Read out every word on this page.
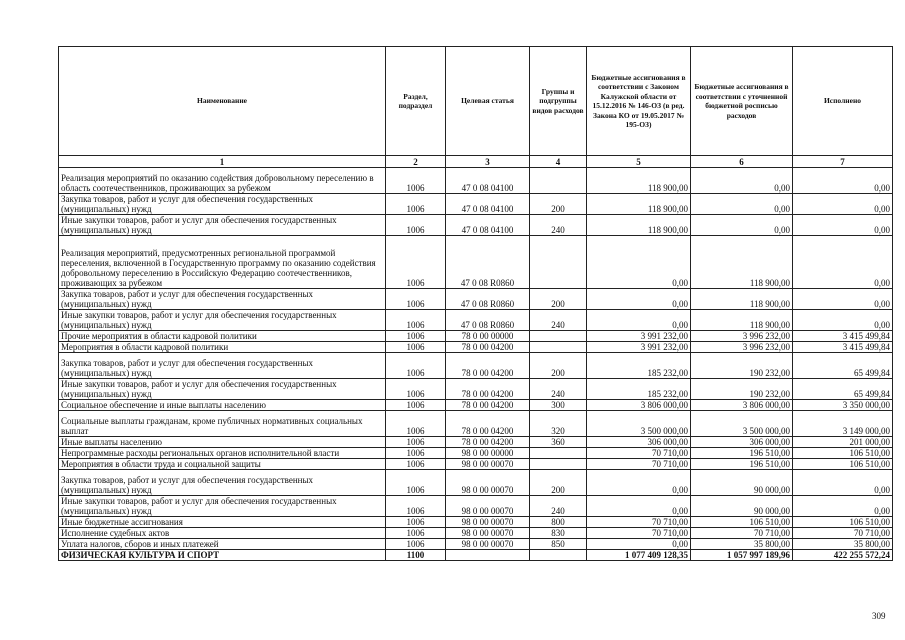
Наименование	Раздел, подраздел	Целевая статья	Группы и подгруппы видов расходов	Бюджетные ассигнования в соответствии с Законом Калужской области от 15.12.2016 № 146-ОЗ (в ред. Закона КО от 19.05.2017 № 195-ОЗ)	Бюджетные ассигнования в соответствии с уточненной бюджетной росписью расходов	Исполнено
1	2	3	4	5	6	7
Реализация мероприятий по оказанию содействия добровольному переселению в область соотечественников, проживающих за рубежом	1006	47 0 08 04100		118 900,00	0,00	0,00
Закупка товаров, работ и услуг для обеспечения государственных (муниципальных) нужд	1006	47 0 08 04100	200	118 900,00	0,00	0,00
Иные закупки товаров, работ и услуг для обеспечения государственных (муниципальных) нужд	1006	47 0 08 04100	240	118 900,00	0,00	0,00
Реализация мероприятий, предусмотренных региональной программой переселения, включенной в Государственную программу по оказанию содействия добровольному переселению в Российскую Федерацию соотечественников, проживающих за рубежом	1006	47 0 08 R0860		0,00	118 900,00	0,00
Закупка товаров, работ и услуг для обеспечения государственных (муниципальных) нужд	1006	47 0 08 R0860	200	0,00	118 900,00	0,00
Иные закупки товаров, работ и услуг для обеспечения государственных (муниципальных) нужд	1006	47 0 08 R0860	240	0,00	118 900,00	0,00
Прочие мероприятия в области кадровой политики	1006	78 0 00 00000		3 991 232,00	3 996 232,00	3 415 499,84
Мероприятия в области кадровой политики	1006	78 0 00 04200		3 991 232,00	3 996 232,00	3 415 499,84
Закупка товаров, работ и услуг для обеспечения государственных (муниципальных) нужд	1006	78 0 00 04200	200	185 232,00	190 232,00	65 499,84
Иные закупки товаров, работ и услуг для обеспечения государственных (муниципальных) нужд	1006	78 0 00 04200	240	185 232,00	190 232,00	65 499,84
Социальное обеспечение и иные выплаты населению	1006	78 0 00 04200	300	3 806 000,00	3 806 000,00	3 350 000,00
Социальные выплаты гражданам, кроме публичных нормативных социальных выплат	1006	78 0 00 04200	320	3 500 000,00	3 500 000,00	3 149 000,00
Иные выплаты населению	1006	78 0 00 04200	360	306 000,00	306 000,00	201 000,00
Непрограммные расходы региональных органов исполнительной власти	1006	98 0 00 00000		70 710,00	196 510,00	106 510,00
Мероприятия в области труда и социальной защиты	1006	98 0 00 00070		70 710,00	196 510,00	106 510,00
Закупка товаров, работ и услуг для обеспечения государственных (муниципальных) нужд	1006	98 0 00 00070	200	0,00	90 000,00	0,00
Иные закупки товаров, работ и услуг для обеспечения государственных (муниципальных) нужд	1006	98 0 00 00070	240	0,00	90 000,00	0,00
Иные бюджетные ассигнования	1006	98 0 00 00070	800	70 710,00	106 510,00	106 510,00
Исполнение судебных актов	1006	98 0 00 00070	830	70 710,00	70 710,00	70 710,00
Уплата налогов, сборов и иных платежей	1006	98 0 00 00070	850	0,00	35 800,00	35 800,00
ФИЗИЧЕСКАЯ КУЛЬТУРА И СПОРТ	1100			1 077 409 128,35	1 057 997 189,96	422 255 572,24
309
